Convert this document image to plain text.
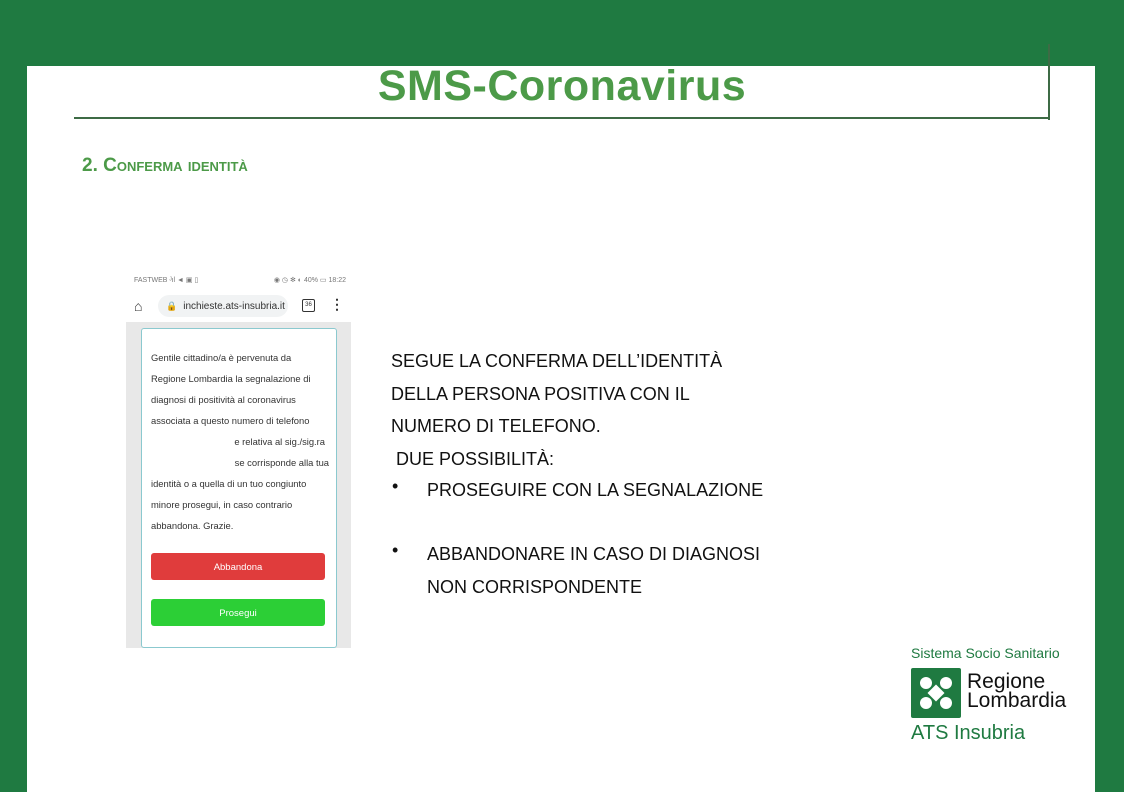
SMS-Coronavirus
2. Conferma identità
FASTWEB ᴶıl ◄ ▣ ▯	◉ ◷ ✻ ◐ 40% ▭ 18:22
⌂	🔒 inchieste.ats-insubria.it	36 ⋮
Gentile cittadino/a è pervenuta da
Regione Lombardia la segnalazione di
diagnosi di positività al coronavirus
associata a questo numero di telefono

e relativa al sig./sig.ra
se corrisponde alla tua
identità o a quella di un tuo congiunto
minore prosegui, in caso contrario
abbandona. Grazie.
Abbandona
Prosegui
SEGUE LA CONFERMA DELL’IDENTITÀ
DELLA PERSONA POSITIVA CON IL
NUMERO DI TELEFONO.
DUE POSSIBILITÀ:
• PROSEGUIRE CON LA SEGNALAZIONE
• ABBANDONARE IN CASO DI DIAGNOSI
NON CORRISPONDENTE
Sistema Socio Sanitario
Regione
Lombardia
ATS Insubria
